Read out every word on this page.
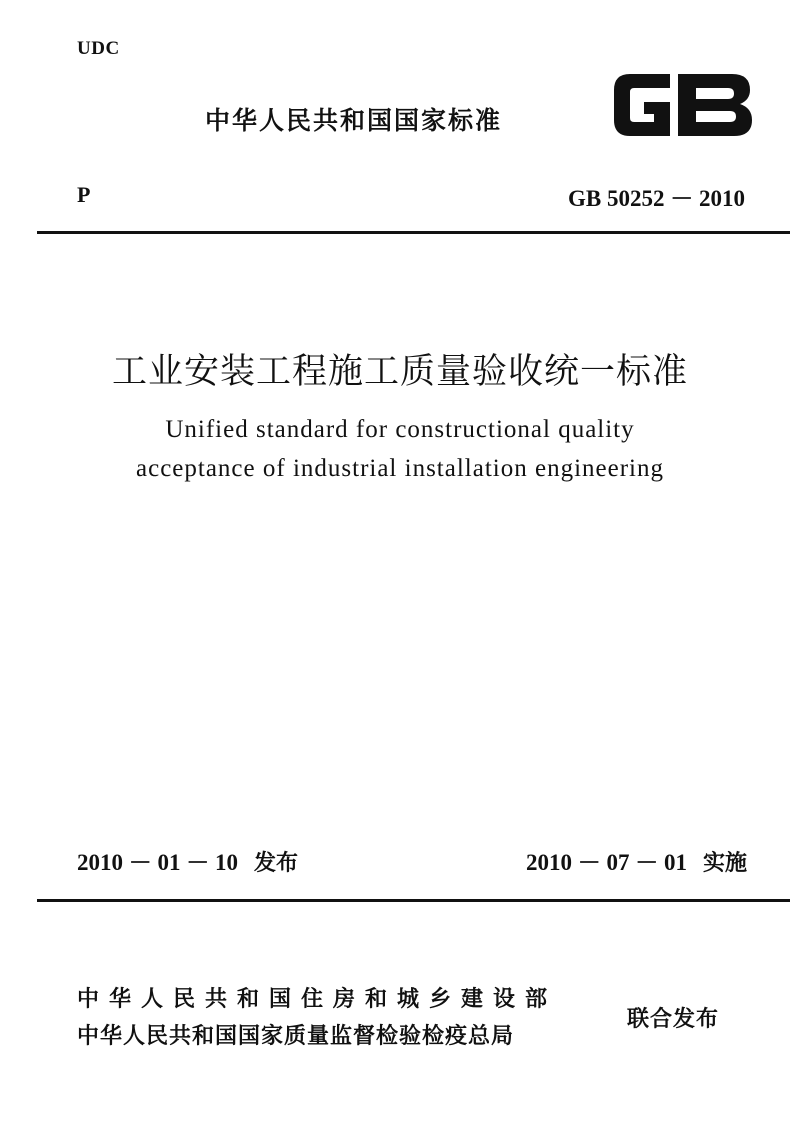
UDC
中华人民共和国国家标准
P	GB 50252 － 2010
工业安装工程施工质量验收统一标准
Unified standard for constructional quality
acceptance of industrial installation engineering
2010 － 01 － 10 发布	2010 － 07 － 01 实施
中华人民共和国住房和城乡建设部
中华人民共和国国家质量监督检验检疫总局
联合发布
